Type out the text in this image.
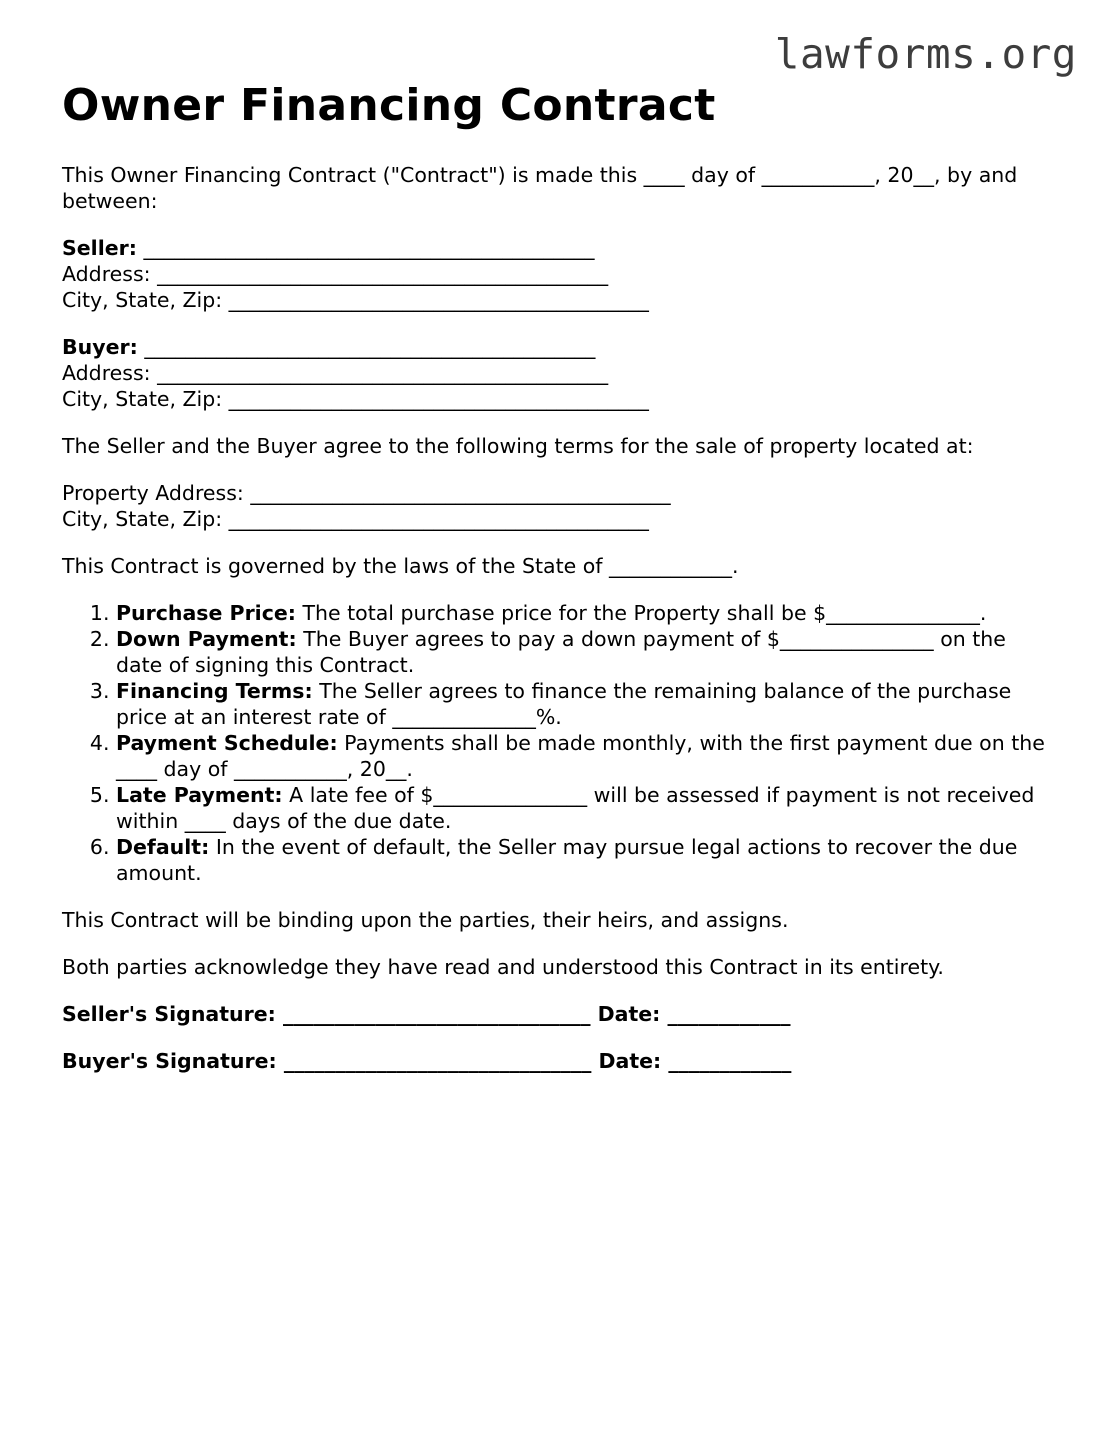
lawforms.org
Owner Financing Contract

This Owner Financing Contract ("Contract") is made this ____ day of ___________, 20__, by and between:

Seller: ____________________________________________
Address: ____________________________________________
City, State, Zip: _________________________________________
Buyer: ____________________________________________
Address: ____________________________________________
City, State, Zip: _________________________________________

The Seller and the Buyer agree to the following terms for the sale of property located at:

Property Address: _________________________________________
City, State, Zip: _________________________________________

This Contract is governed by the laws of the State of ____________.

1. Purchase Price: The total purchase price for the Property shall be $_______________.
2. Down Payment: The Buyer agrees to pay a down payment of $_______________ on the date of signing this Contract.
3. Financing Terms: The Seller agrees to finance the remaining balance of the purchase price at an interest rate of ______________%.
4. Payment Schedule: Payments shall be made monthly, with the first payment due on the ____ day of ___________, 20__.
5. Late Payment: A late fee of $_______________ will be assessed if payment is not received within ____ days of the due date.
6. Default: In the event of default, the Seller may pursue legal actions to recover the due amount.

This Contract will be binding upon the parties, their heirs, and assigns.

Both parties acknowledge they have read and understood this Contract in its entirety.

Seller's Signature: ______________________________ Date: ____________
Buyer's Signature: ______________________________ Date: ____________
